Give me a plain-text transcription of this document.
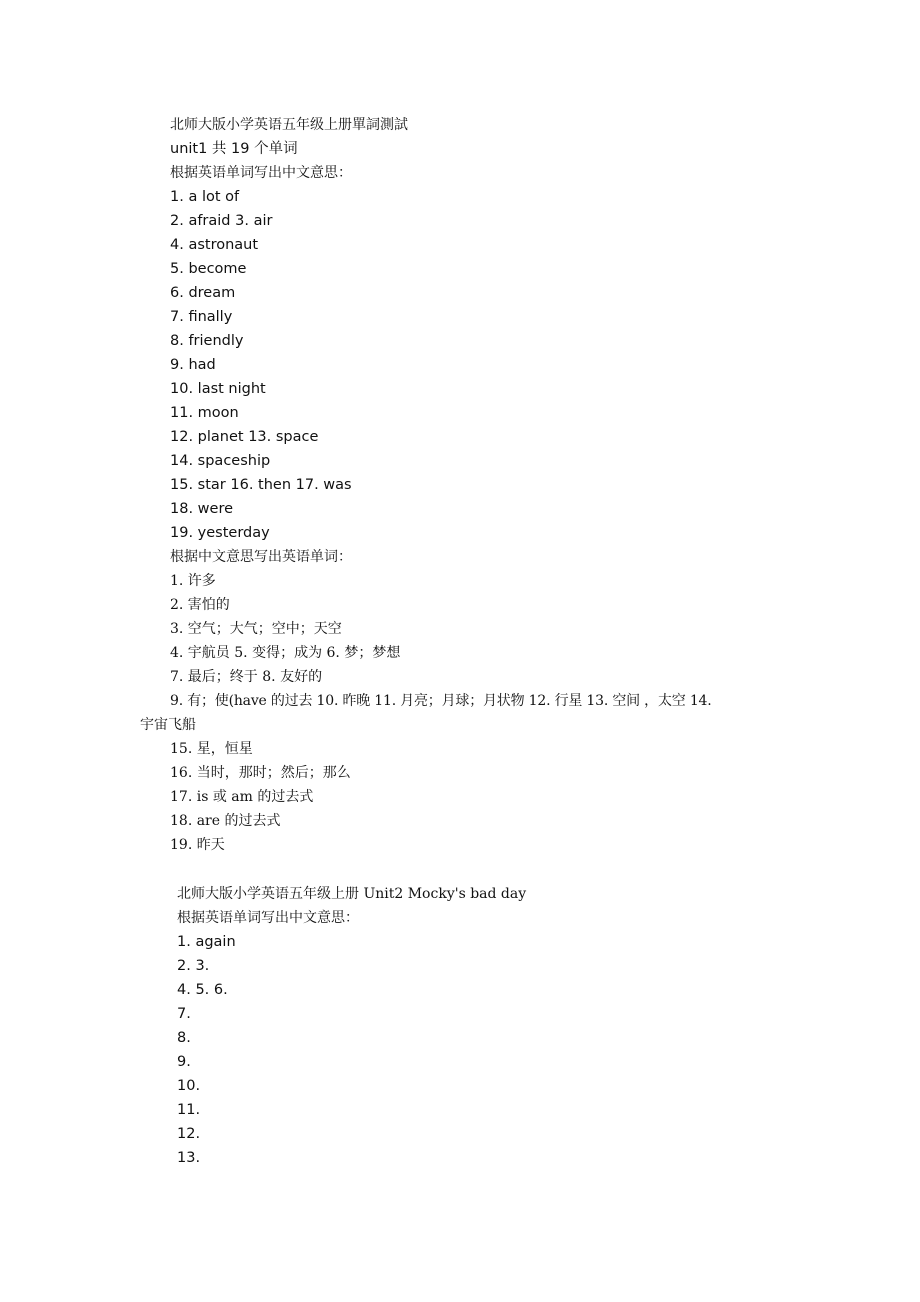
北师大版小学英语五年级上册單詞測試
unit1 共 19 个单词
根据英语单词写出中文意思：
1. a lot of
2. afraid 3. air
4. astronaut
5. become
6. dream
7. finally
8. friendly
9. had
10. last night
11. moon
12. planet 13. space
14. spaceship
15. star 16. then 17. was
18. were
19. yesterday
根据中文意思写出英语单词：
1. 许多
2. 害怕的
3. 空气；大气；空中；天空
4. 宇航员 5. 变得；成为 6. 梦；梦想
7. 最后；终于 8. 友好的
9. 有；使(have 的过去 10. 昨晚 11. 月亮；月球；月状物 12. 行星 13. 空间 ，太空 14.
宇宙飞船
15. 星，恒星
16. 当时，那时；然后；那么
17. is 或 am 的过去式
18. are 的过去式
19. 昨天
北师大版小学英语五年级上册 Unit2 Mocky's bad day
根据英语单词写出中文意思：
1. again
2. 3.
4. 5. 6.
7.
8.
9.
10.
11.
12.
13.
